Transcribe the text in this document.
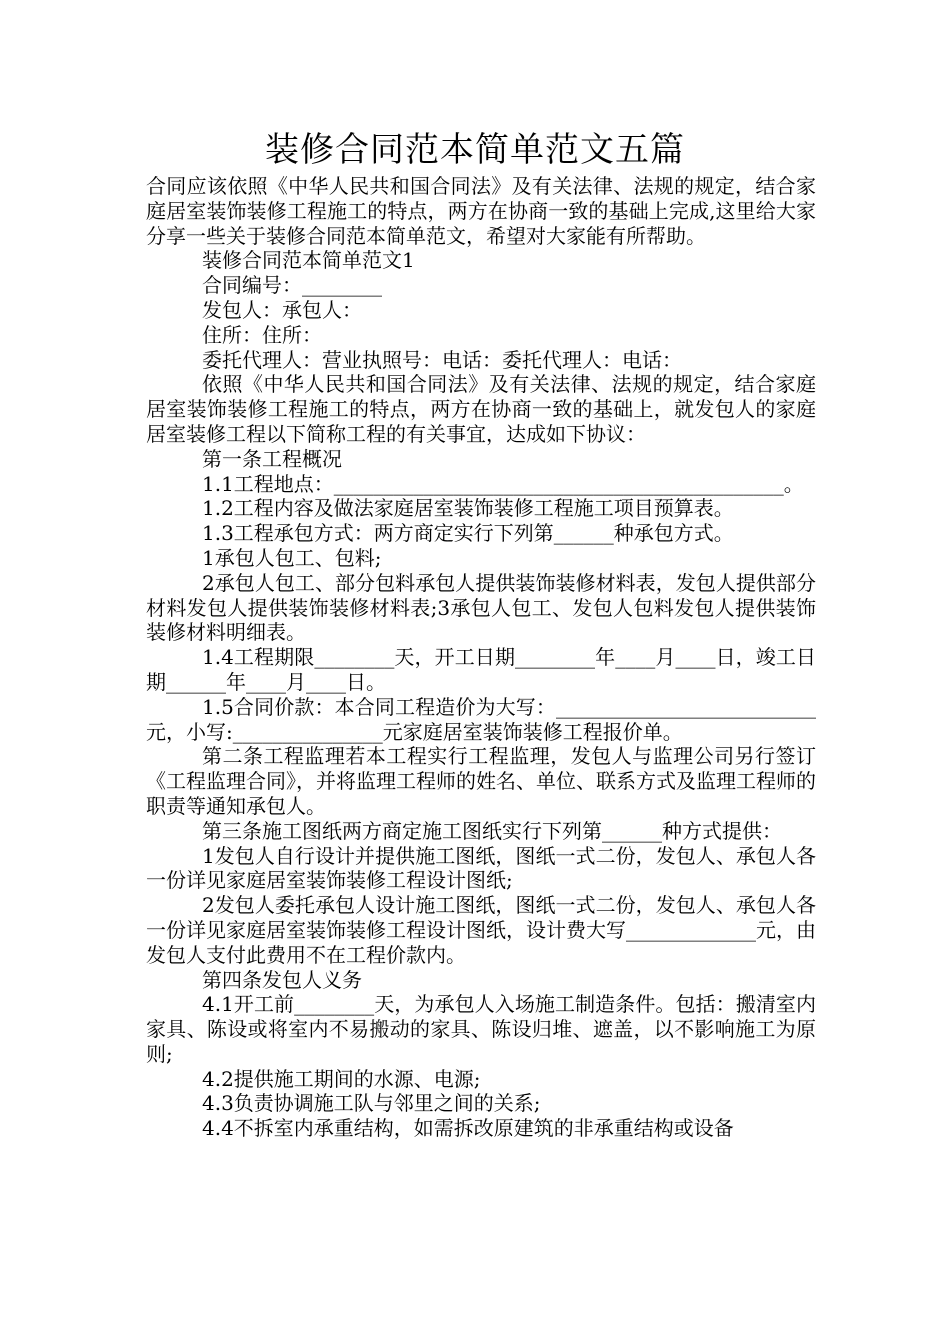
装修合同范本简单范文五篇

合同应该依照《中华人民共和国合同法》及有关法律、法规的规定，结合家庭居室装饰装修工程施工的特点，两方在协商一致的基础上完成,这里给大家分享一些关于装修合同范本简单范文，希望对大家能有所帮助。

装修合同范本简单范文1

合同编号：________

发包人：承包人：

住所：住所：

委托代理人：营业执照号：电话：委托代理人：电话：

依照《中华人民共和国合同法》及有关法律、法规的规定，结合家庭居室装饰装修工程施工的特点，两方在协商一致的基础上，就发包人的家庭居室装修工程以下简称工程的有关事宜，达成如下协议：

第一条工程概况

1.1工程地点：_____________________________________________。

1.2工程内容及做法家庭居室装饰装修工程施工项目预算表。

1.3工程承包方式：两方商定实行下列第______种承包方式。

1承包人包工、包料;

2承包人包工、部分包料承包人提供装饰装修材料表，发包人提供部分材料发包人提供装饰装修材料表;3承包人包工、发包人包料发包人提供装饰装修材料明细表。

1.4工程期限________天，开工日期________年____月____日，竣工日期______年____月____日。

1.5合同价款：本合同工程造价为大写：__________________________元，小写:_______________元家庭居室装饰装修工程报价单。

第二条工程监理若本工程实行工程监理，发包人与监理公司另行签订《工程监理合同》，并将监理工程师的姓名、单位、联系方式及监理工程师的职责等通知承包人。

第三条施工图纸两方商定施工图纸实行下列第______种方式提供：

1发包人自行设计并提供施工图纸，图纸一式二份，发包人、承包人各一份详见家庭居室装饰装修工程设计图纸;

2发包人委托承包人设计施工图纸，图纸一式二份，发包人、承包人各一份详见家庭居室装饰装修工程设计图纸，设计费大写_____________元，由发包人支付此费用不在工程价款内。

第四条发包人义务

4.1开工前________天，为承包人入场施工制造条件。包括：搬清室内家具、陈设或将室内不易搬动的家具、陈设归堆、遮盖，以不影响施工为原则;

4.2提供施工期间的水源、电源;

4.3负责协调施工队与邻里之间的关系;

4.4不拆室内承重结构，如需拆改原建筑的非承重结构或设备
